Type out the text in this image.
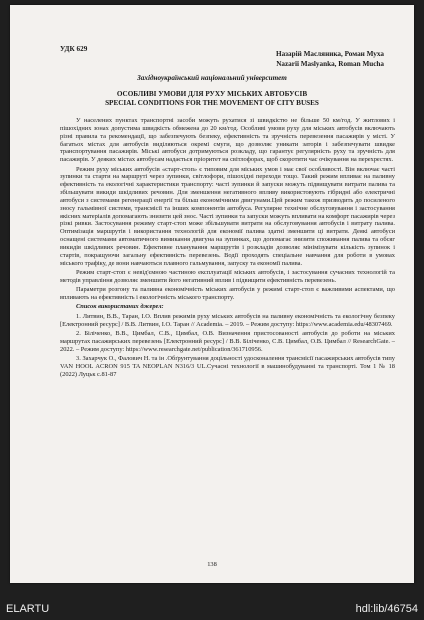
УДК 629
Назарій Масляника, Роман Муха
Nazarii Maslyanka, Roman Mucha
Західноукраїнський національний університет
ОСОБЛИВІ УМОВИ ДЛЯ РУХУ МІСЬКИХ АВТОБУСІВ
SPECIAL CONDITIONS FOR THE MOVEMENT OF CITY BUSES

У населених пунктах транспортні засоби можуть рухатися зі швидкістю не більше 50 км/год. У житлових і пішохідних зонах допустима швидкість обмежена до 20 км/год. Особливі умови руху для міських автобусів включають різні правила та рекомендації, що забезпечують безпеку, ефективність та зручність перевезення пасажирів у місті. У багатьох містах для автобусів виділяються окремі смуги, що дозволяє уникати заторів і забезпечувати швидке транспортування пасажирів. Міські автобуси дотримуються розкладу, що гарантує регулярність руху та зручність для пасажирів. У деяких містах автобусам надається пріоритет на світлофорах, щоб скоротити час очікування на перехрестях.

Режим руху міських автобусів «старт-стоп» є типовим для міських умов і має свої особливості. Він включає часті зупинки та старти на маршруті через зупинки, світлофори, пішохідні переходи тощо. Такий режим впливає на паливну ефективність та екологічні характеристики транспорту: часті зупинки й запуски можуть підвищувати витрати палива та збільшувати викиди шкідливих речовин. Для зменшення негативного впливу використовують гібридні або електричні автобуси з системами регенерації енергії та більш економічними двигунами.Цей режим також призводить до посиленого зносу гальмівної системи, трансмісії та інших компонентів автобуса. Регулярне технічне обслуговування і застосування якісних матеріалів допомагають знизити цей знос. Часті зупинки та запуски можуть впливати на комфорт пасажирів через різкі ривки. Застосування режиму старт-стоп може збільшувати витрати на обслуговування автобусів і витрату палива. Оптимізація маршрутів і використання технологій для економії палива здатні зменшити ці витрати. Деякі автобуси оснащені системами автоматичного вимикання двигуна на зупинках, що допомагає знизити споживання палива та обсяг викидів шкідливих речовин. Ефективне планування маршрутів і розкладів дозволяє мінімізувати кількість зупинок і стартів, покращуючи загальну ефективність перевезень. Водії проходять спеціальне навчання для роботи в умовах міського трафіку, де вони навчаються плавного гальмування, запуску та економії палива.

Режим старт-стоп є невід'ємною частиною експлуатації міських автобусів, і застосування сучасних технологій та методів управління дозволяє зменшити його негативний вплив і підвищити ефективність перевезень.

Параметри розгону та паливна економічність міських автобусів у режимі старт-стоп є важливими аспектами, що впливають на ефективність і екологічність міського транспорту.

Список використаних джерел:

1. Литвин, В.В., Таран, І.О. Вплив режимів руху міських автобусів на паливну економічність та екологічну безпеку [Електронний ресурс] / В.В. Литвин, І.О. Таран // Academia. – 2019. – Режим доступу: https://www.academia.edu/48307469.

2. Біліченко, В.В., Цимбал, С.В., Цимбал, О.В. Визначення пристосованості автобусів до роботи на міських маршрутах пасажирських перевезень [Електронний ресурс] / В.В. Біліченко, С.В. Цимбал, О.В. Цимбал // ResearchGate. – 2022. – Режим доступу: https://www.researchgate.net/publication/361710956.

3. Захарчук О., Фалович Н. та ін .Обґрунтування доцільності удосконалення трансмісії пасажирських автобусів типу VAN HOOL ACRON 915 TA NEOPLAN N316/3 UL.Сучасні технології в машинобудуванні та транспорті. Том 1 № 18 (2022) Луцьк с.81-87

138
ELARTU	hdl:lib/46754
